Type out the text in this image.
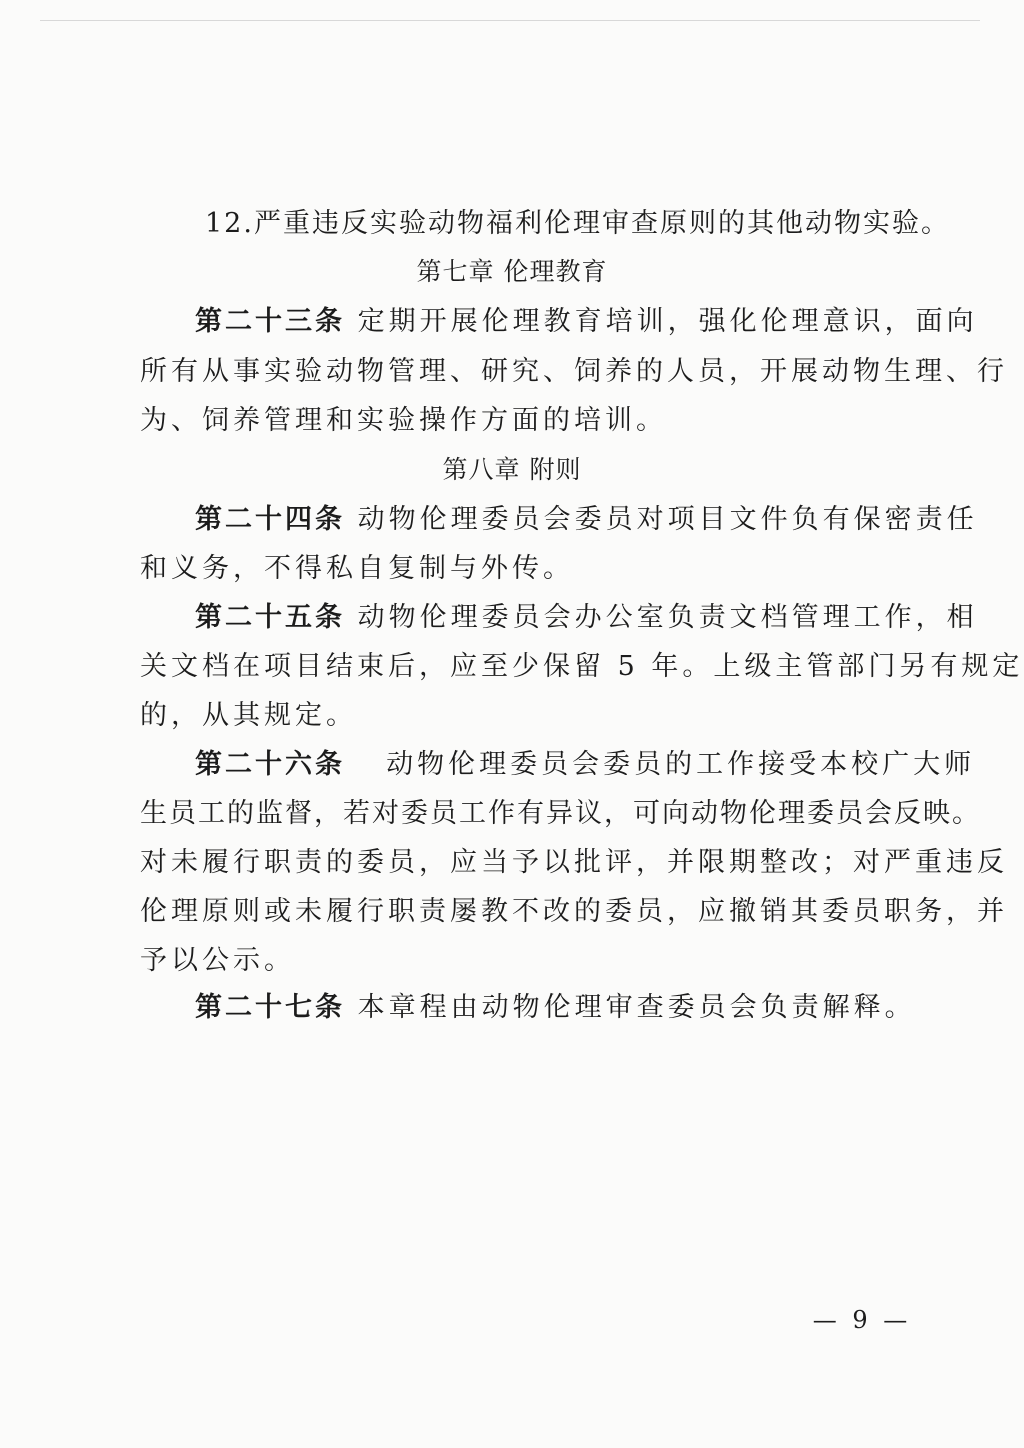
12.严重违反实验动物福利伦理审查原则的其他动物实验。
第七章 伦理教育
第二十三条 定期开展伦理教育培训，强化伦理意识，面向
所有从事实验动物管理、研究、饲养的人员，开展动物生理、行
为、饲养管理和实验操作方面的培训。
第八章 附则
第二十四条 动物伦理委员会委员对项目文件负有保密责任
和义务，不得私自复制与外传。
第二十五条 动物伦理委员会办公室负责文档管理工作，相
关文档在项目结束后，应至少保留 5 年。上级主管部门另有规定
的，从其规定。
第二十六条 动物伦理委员会委员的工作接受本校广大师
生员工的监督，若对委员工作有异议，可向动物伦理委员会反映。
对未履行职责的委员，应当予以批评，并限期整改；对严重违反
伦理原则或未履行职责屡教不改的委员，应撤销其委员职务，并
予以公示。
第二十七条 本章程由动物伦理审查委员会负责解释。
— 9 —
